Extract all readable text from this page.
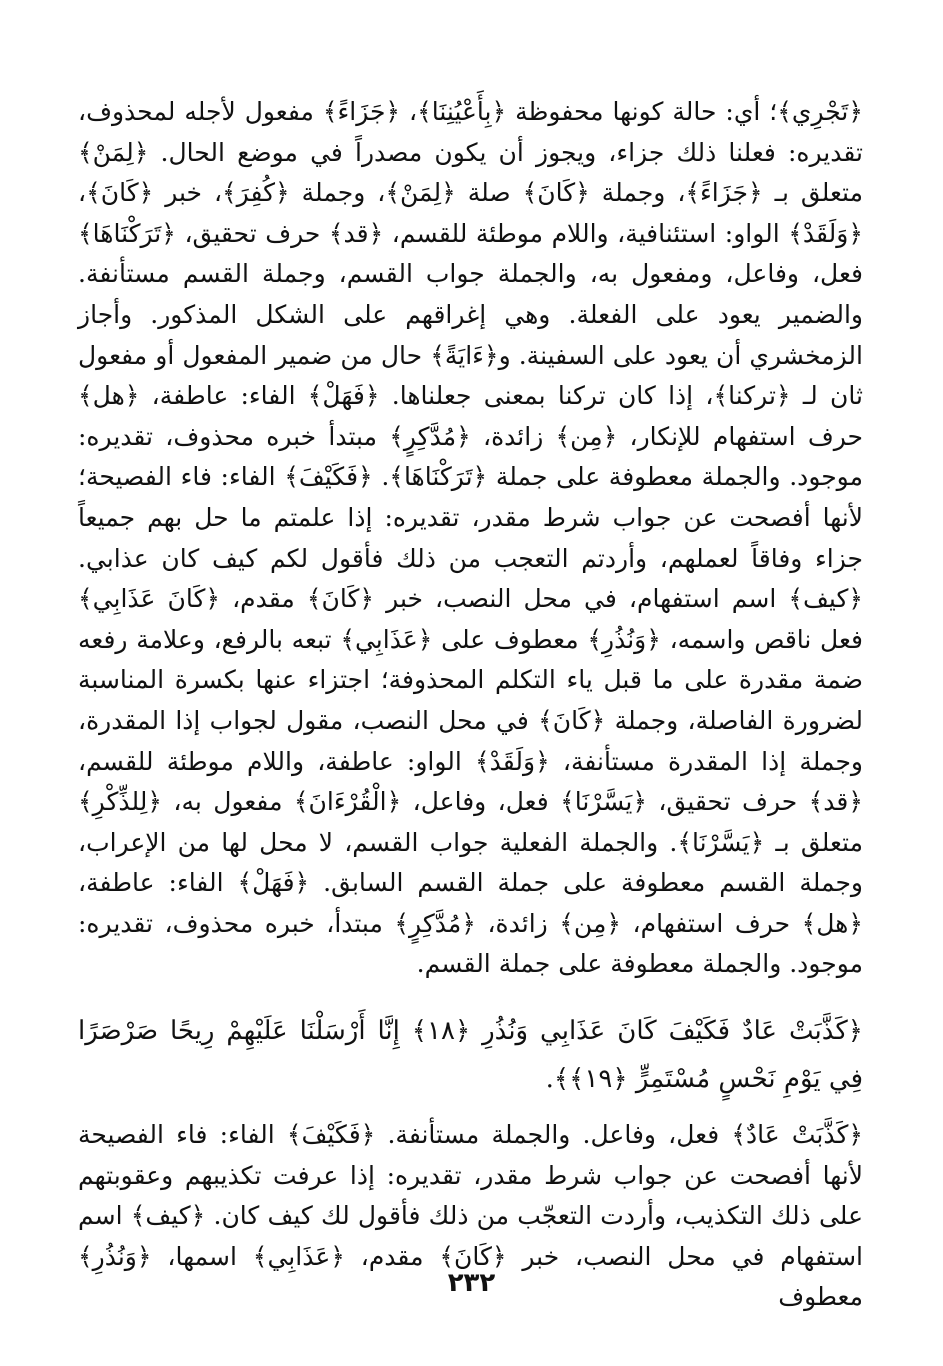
﴿تَجْرِي﴾؛ أي: حالة كونها محفوظة ﴿بِأَعْيُنِنَا﴾، ﴿جَزَاءً﴾ مفعول لأجله لمحذوف، تقديره: فعلنا ذلك جزاء، ويجوز أن يكون مصدراً في موضع الحال. ﴿لِمَنْ﴾ متعلق بـ ﴿جَزَاءً﴾، وجملة ﴿كَانَ﴾ صلة ﴿لِمَنْ﴾، وجملة ﴿كُفِرَ﴾، خبر ﴿كَانَ﴾، ﴿وَلَقَدْ﴾ الواو: استئنافية، واللام موطئة للقسم، ﴿قد﴾ حرف تحقيق، ﴿تَرَكْنَاهَا﴾ فعل، وفاعل، ومفعول به، والجملة جواب القسم، وجملة القسم مستأنفة. والضمير يعود على الفعلة. وهي إغراقهم على الشكل المذكور. وأجاز الزمخشري أن يعود على السفينة. و﴿ءَايَةً﴾ حال من ضمير المفعول أو مفعول ثان لـ ﴿تركنا﴾، إذا كان تركنا بمعنى جعلناها. ﴿فَهَلْ﴾ الفاء: عاطفة، ﴿هل﴾ حرف استفهام للإنكار، ﴿مِن﴾ زائدة، ﴿مُدَّكِرٍ﴾ مبتدأ خبره محذوف، تقديره: موجود. والجملة معطوفة على جملة ﴿تَرَكْنَاهَا﴾. ﴿فَكَيْفَ﴾ الفاء: فاء الفصيحة؛ لأنها أفصحت عن جواب شرط مقدر، تقديره: إذا علمتم ما حل بهم جميعاً جزاء وفاقاً لعملهم، وأردتم التعجب من ذلك فأقول لكم كيف كان عذابي. ﴿كيف﴾ اسم استفهام، في محل النصب، خبر ﴿كَانَ﴾ مقدم، ﴿كَانَ عَذَابِي﴾ فعل ناقص واسمه، ﴿وَنُذُرِ﴾ معطوف على ﴿عَذَابِي﴾ تبعه بالرفع، وعلامة رفعه ضمة مقدرة على ما قبل ياء التكلم المحذوفة؛ اجتزاء عنها بكسرة المناسبة لضرورة الفاصلة، وجملة ﴿كَانَ﴾ في محل النصب، مقول لجواب إذا المقدرة، وجملة إذا المقدرة مستأنفة، ﴿وَلَقَدْ﴾ الواو: عاطفة، واللام موطئة للقسم، ﴿قد﴾ حرف تحقيق، ﴿يَسَّرْنَا﴾ فعل، وفاعل، ﴿الْقُرْءَانَ﴾ مفعول به، ﴿لِلذِّكْرِ﴾ متعلق بـ ﴿يَسَّرْنَا﴾. والجملة الفعلية جواب القسم، لا محل لها من الإعراب، وجملة القسم معطوفة على جملة القسم السابق. ﴿فَهَلْ﴾ الفاء: عاطفة، ﴿هل﴾ حرف استفهام، ﴿مِن﴾ زائدة، ﴿مُدَّكِرٍ﴾ مبتدأ، خبره محذوف، تقديره: موجود. والجملة معطوفة على جملة القسم.

﴿كَذَّبَتْ عَادٌ فَكَيْفَ كَانَ عَذَابِي وَنُذُرِ ﴿١٨﴾ إِنَّا أَرْسَلْنَا عَلَيْهِمْ رِيحًا صَرْصَرًا فِي يَوْمِ نَحْسٍ مُسْتَمِرٍّ ﴿١٩﴾﴾.

﴿كَذَّبَتْ عَادٌ﴾ فعل، وفاعل. والجملة مستأنفة. ﴿فَكَيْفَ﴾ الفاء: فاء الفصيحة لأنها أفصحت عن جواب شرط مقدر، تقديره: إذا عرفت تكذيبهم وعقوبتهم على ذلك التكذيب، وأردت التعجّب من ذلك فأقول لك كيف كان. ﴿كيف﴾ اسم استفهام في محل النصب، خبر ﴿كَانَ﴾ مقدم، ﴿عَذَابِي﴾ اسمها، ﴿وَنُذُرِ﴾ معطوف

٢٣٢
